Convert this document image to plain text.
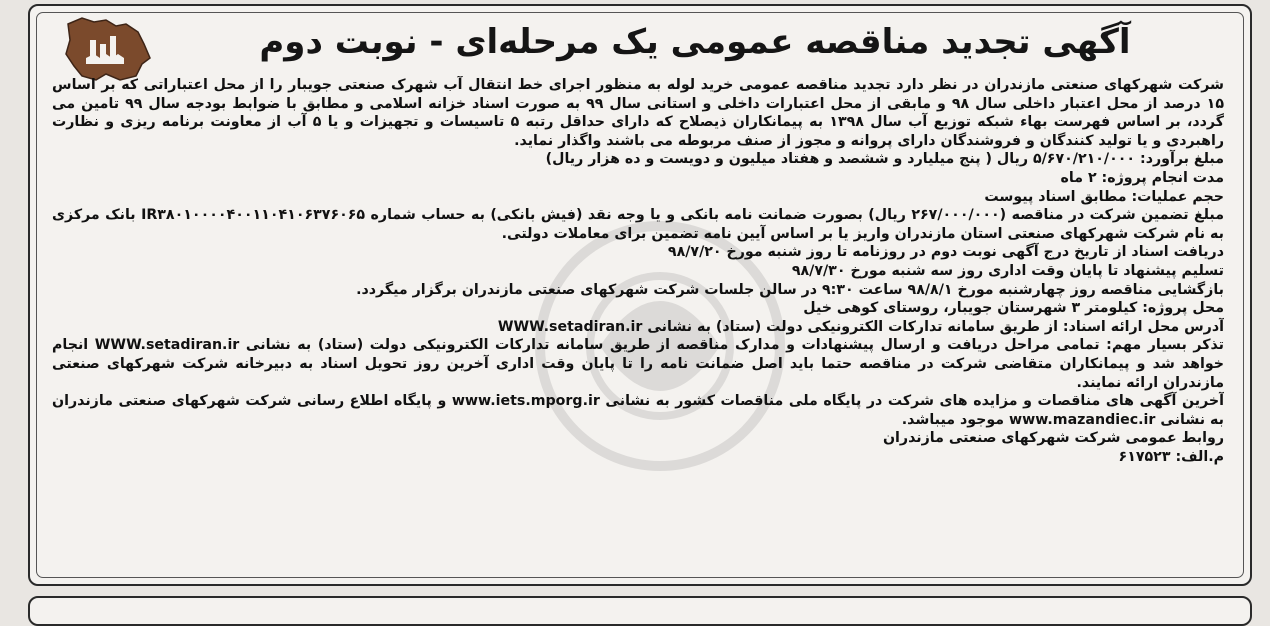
آگهی تجدید مناقصه عمومی یک مرحله‌ای - نوبت دوم

شرکت شهرکهای صنعتی مازندران در نظر دارد تجدید مناقصه عمومی خرید لوله به منظور اجرای خط انتقال آب شهرک صنعتی جویبار را از محل اعتباراتی که بر اساس ۱۵ درصد از محل اعتبار داخلی سال ۹۸ و مابقی از محل اعتبارات داخلی و استانی سال ۹۹ به صورت اسناد خزانه اسلامی و مطابق با ضوابط بودجه سال ۹۹ تامین می گردد، بر اساس فهرست بهاء شبکه توزیع آب سال ۱۳۹۸ به پیمانکاران ذیصلاح که دارای حداقل رتبه ۵ تاسیسات و تجهیزات و یا ۵ آب از معاونت برنامه ریزی و نظارت راهبردی و یا تولید کنندگان و فروشندگان دارای پروانه و مجوز از صنف مربوطه می باشند واگذار نماید.

مبلغ برآورد: ۵/۶۷۰/۲۱۰/۰۰۰ ریال ( پنج میلیارد و ششصد و هفتاد میلیون و دویست و ده هزار ریال)

مدت انجام پروژه: ۲ ماه

حجم عملیات: مطابق اسناد پیوست

مبلغ تضمین شرکت در مناقصه (۲۶۷/۰۰۰/۰۰۰ ریال) بصورت ضمانت نامه بانکی و یا وجه نقد (فیش بانکی) به حساب شماره IR۳۸۰۱۰۰۰۰۴۰۰۱۱۰۴۱۰۶۳۷۶۰۶۵ بانک مرکزی به نام شرکت شهرکهای صنعتی استان مازندران واریز یا بر اساس آیین نامه تضمین برای معاملات دولتی.

دریافت اسناد از تاریخ درج آگهی نوبت دوم در روزنامه تا روز شنبه مورخ ۹۸/۷/۲۰

تسلیم پیشنهاد تا پایان وقت اداری روز سه شنبه مورخ ۹۸/۷/۳۰

بازگشایی مناقصه روز چهارشنبه مورخ ۹۸/۸/۱ ساعت ۹:۳۰ در سالن جلسات شرکت شهرکهای صنعتی مازندران برگزار میگردد.

محل پروژه: کیلومتر ۳ شهرستان جویبار، روستای کوهی خیل

آدرس محل ارائه اسناد: از طریق سامانه تدارکات الکترونیکی دولت (ستاد) به نشانی WWW.setadiran.ir

تذکر بسیار مهم: تمامی مراحل دریافت و ارسال پیشنهادات و مدارک مناقصه از طریق سامانه تدارکات الکترونیکی دولت (ستاد) به نشانی WWW.setadiran.ir انجام خواهد شد و پیمانکاران متقاضی شرکت در مناقصه حتما باید اصل ضمانت نامه را تا پایان وقت اداری آخرین روز تحویل اسناد به دبیرخانه شرکت شهرکهای صنعتی مازندران ارائه نمایند.

آخرین آگهی های مناقصات و مزایده های شرکت در پایگاه ملی مناقصات کشور به نشانی www.iets.mporg.ir و پایگاه اطلاع رسانی شرکت شهرکهای صنعتی مازندران به نشانی www.mazandiec.ir موجود میباشد.

روابط عمومی شرکت شهرکهای صنعتی مازندران

م.الف: ۶۱۷۵۲۳
